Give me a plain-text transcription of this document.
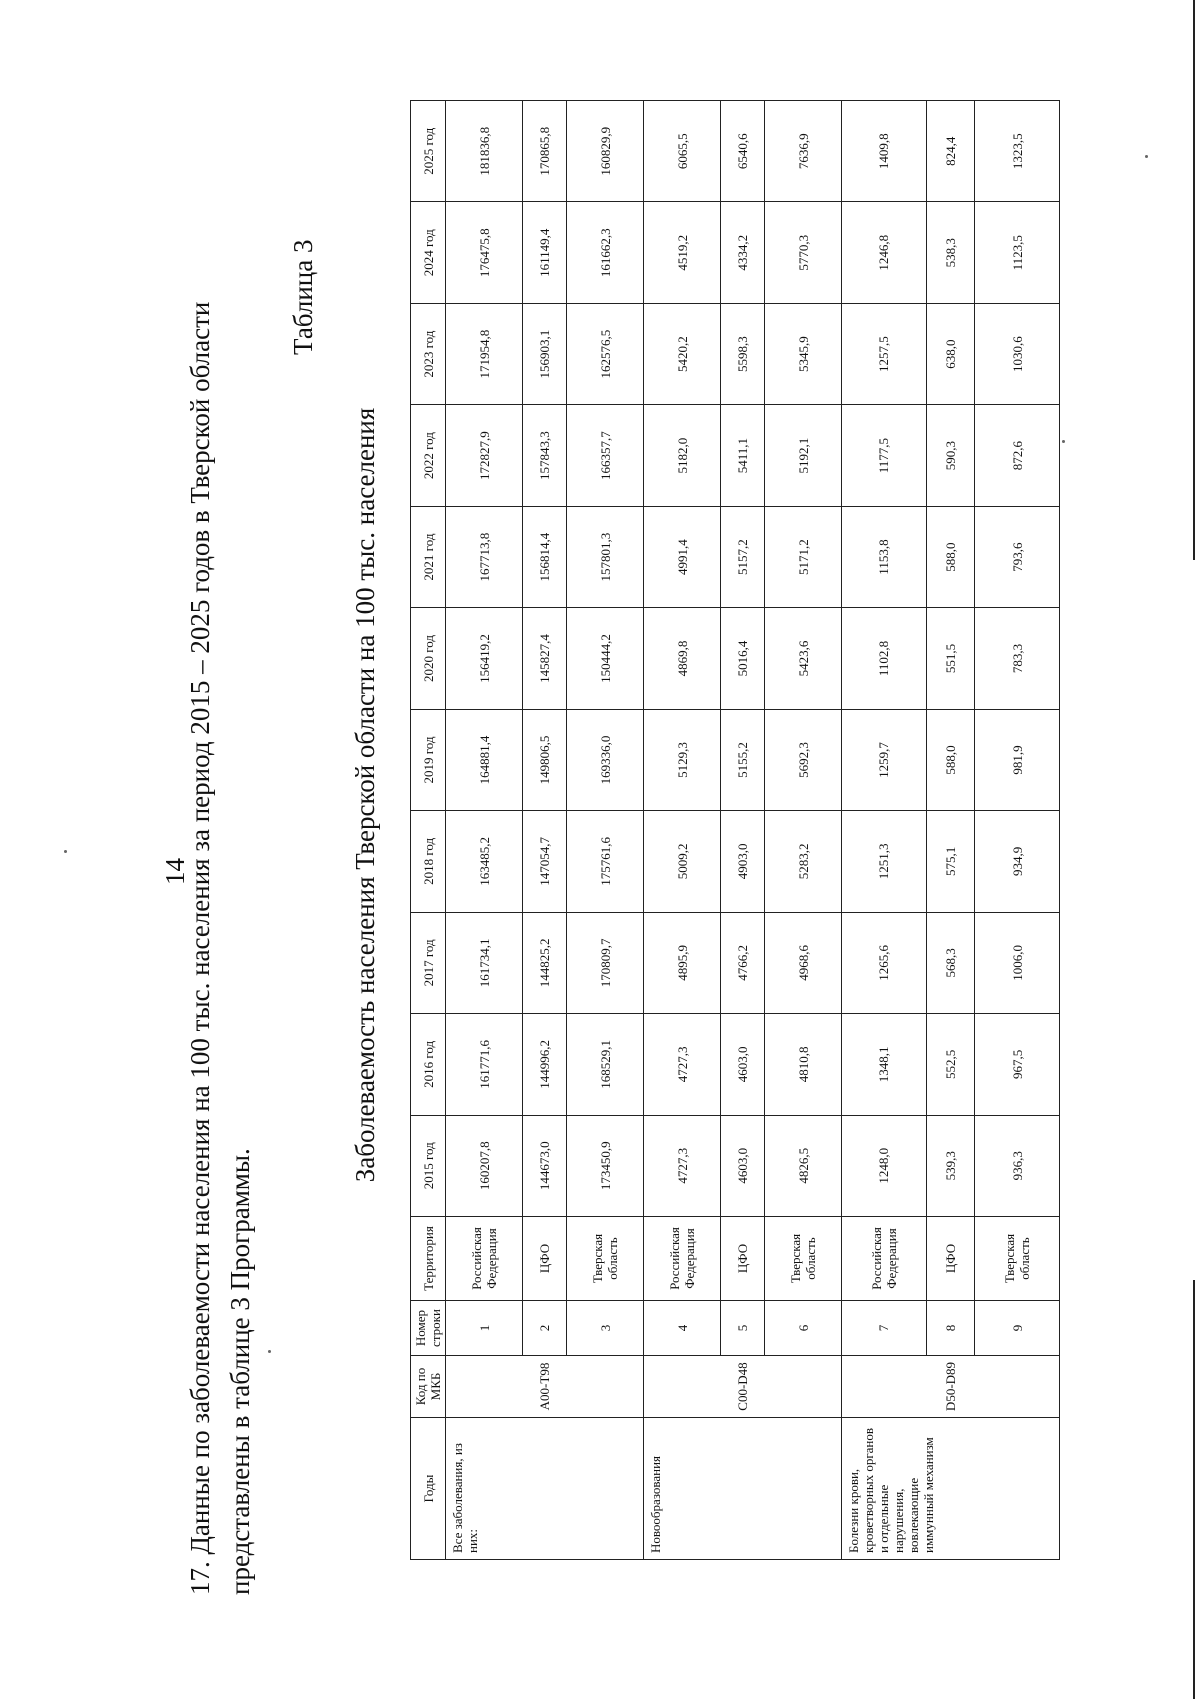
14
17. Данные по заболеваемости населения на 100 тыс. населения за период 2015 – 2025 годов в Тверской области представлены в таблице 3 Программы.
Таблица 3
Заболеваемость населения Тверской области на 100 тыс. населения
Годы	Код по МКБ	Номер строки	Территория	2015 год	2016 год	2017 год	2018 год	2019 год	2020 год	2021 год	2022 год	2023 год	2024 год	2025 год
Все заболевания, из них:	A00-T98	1	Российская Федерация	160207,8	161771,6	161734,1	163485,2	164881,4	156419,2	167713,8	172827,9	171954,8	176475,8	181836,8
		2	ЦФО	144673,0	144996,2	144825,2	147054,7	149806,5	145827,4	156814,4	157843,3	156903,1	161149,4	170865,8
		3	Тверская область	173450,9	168529,1	170809,7	175761,6	169336,0	150444,2	157801,3	166357,7	162576,5	161662,3	160829,9
Новообразования	C00-D48	4	Российская Федерация	4727,3	4727,3	4895,9	5009,2	5129,3	4869,8	4991,4	5182,0	5420,2	4519,2	6065,5
		5	ЦФО	4603,0	4603,0	4766,2	4903,0	5155,2	5016,4	5157,2	5411,1	5598,3	4334,2	6540,6
		6	Тверская область	4826,5	4810,8	4968,6	5283,2	5692,3	5423,6	5171,2	5192,1	5345,9	5770,3	7636,9
Болезни крови, кроветворных органов и отдельные нарушения, вовлекающие иммунный механизм	D50-D89	7	Российская Федерация	1248,0	1348,1	1265,6	1251,3	1259,7	1102,8	1153,8	1177,5	1257,5	1246,8	1409,8
		8	ЦФО	539,3	552,5	568,3	575,1	588,0	551,5	588,0	590,3	638,0	538,3	824,4
		9	Тверская область	936,3	967,5	1006,0	934,9	981,9	783,3	793,6	872,6	1030,6	1123,5	1323,5
